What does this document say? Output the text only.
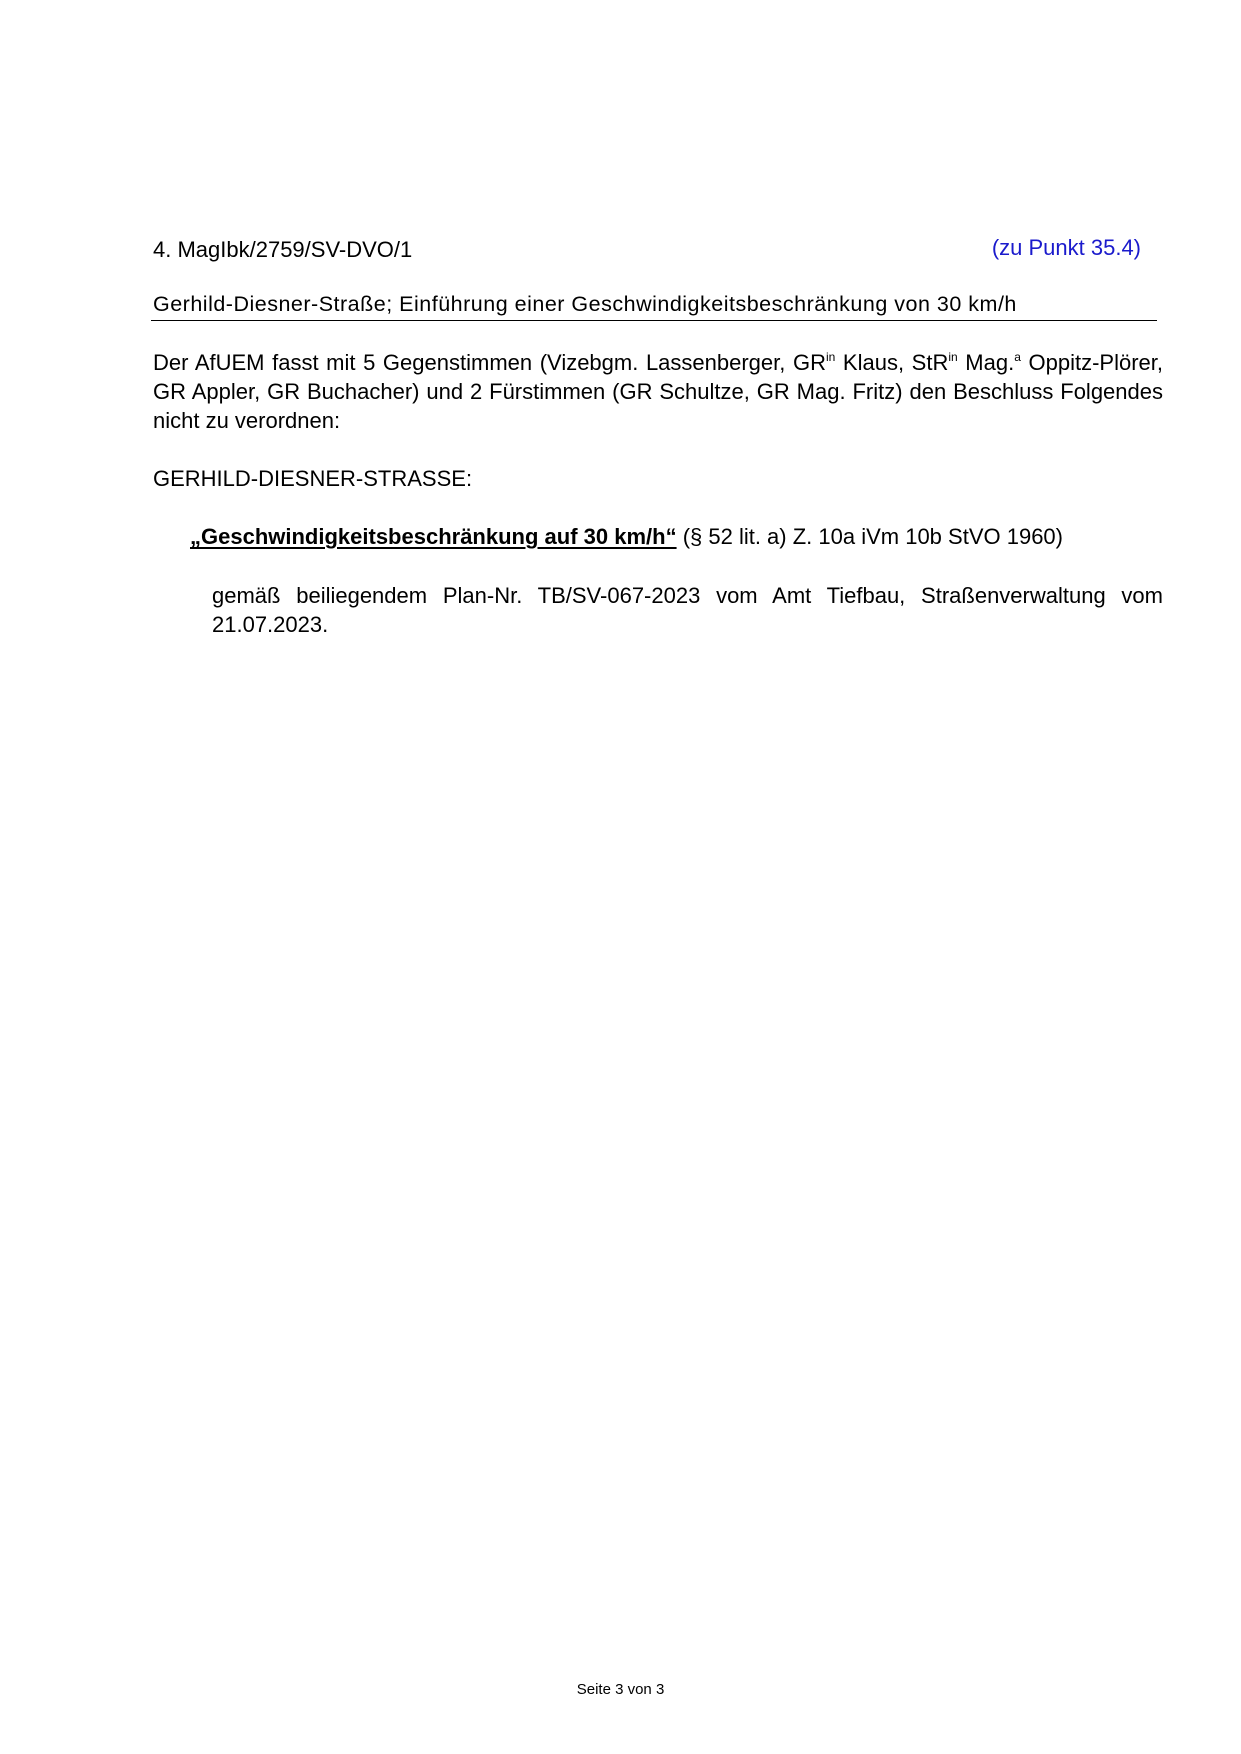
4. MagIbk/2759/SV-DVO/1	(zu Punkt 35.4)
Gerhild-Diesner-Straße; Einführung einer Geschwindigkeitsbeschränkung von 30 km/h
Der AfUEM fasst mit 5 Gegenstimmen (Vizebgm. Lassenberger, $GR^{in}$ Klaus, StR$^{in}$ Mag.$^a$ Oppitz-Plörer, GR Appler, GR Buchacher) und 2 Fürstimmen (GR Schultze, GR Mag. Fritz) den Beschluss Folgendes nicht zu verordnen:
GERHILD-DIESNER-STRASSE:
„Geschwindigkeitsbeschränkung auf 30 km/h“ (§ 52 lit. a) Z. 10a iVm 10b StVO 1960)
gemäß beiliegendem Plan-Nr. TB/SV-067-2023 vom Amt Tiefbau, Straßenverwaltung vom 21.07.2023.
Seite 3 von 3
